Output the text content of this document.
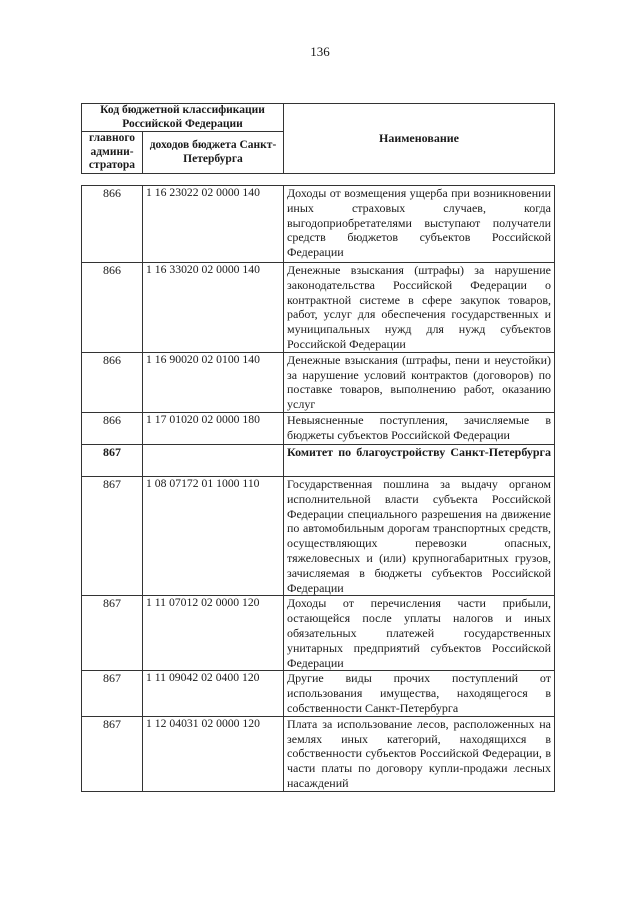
136
Код бюджетной классификации Российской Федерации		Наименование
главного админи-стратора	доходов бюджета Санкт-Петербурга	
866	1 16 23022 02 0000 140	Доходы от возмещения ущерба при возникновении иных страховых случаев, когда выгодоприобретателями выступают получатели средств бюджетов субъектов Российской Федерации
866	1 16 33020 02 0000 140	Денежные взыскания (штрафы) за нарушение законодательства Российской Федерации о контрактной системе в сфере закупок товаров, работ, услуг для обеспечения государственных и муниципальных нужд для нужд субъектов Российской Федерации
866	1 16 90020 02 0100 140	Денежные взыскания (штрафы, пени и неустойки) за нарушение условий контрактов (договоров) по поставке товаров, выполнению работ, оказанию услуг
866	1 17 01020 02 0000 180	Невыясненные поступления, зачисляемые в бюджеты субъектов Российской Федерации
867		Комитет по благоустройству Санкт-Петербурга
867	1 08 07172 01 1000 110	Государственная пошлина за выдачу органом исполнительной власти субъекта Российской Федерации специального разрешения на движение по автомобильным дорогам транспортных средств, осуществляющих перевозки опасных, тяжеловесных и (или) крупногабаритных грузов, зачисляемая в бюджеты субъектов Российской Федерации
867	1 11 07012 02 0000 120	Доходы от перечисления части прибыли, остающейся после уплаты налогов и иных обязательных платежей государственных унитарных предприятий субъектов Российской Федерации
867	1 11 09042 02 0400 120	Другие виды прочих поступлений от использования имущества, находящегося в собственности Санкт-Петербурга
867	1 12 04031 02 0000 120	Плата за использование лесов, расположенных на землях иных категорий, находящихся в собственности субъектов Российской Федерации, в части платы по договору купли-продажи лесных насаждений
